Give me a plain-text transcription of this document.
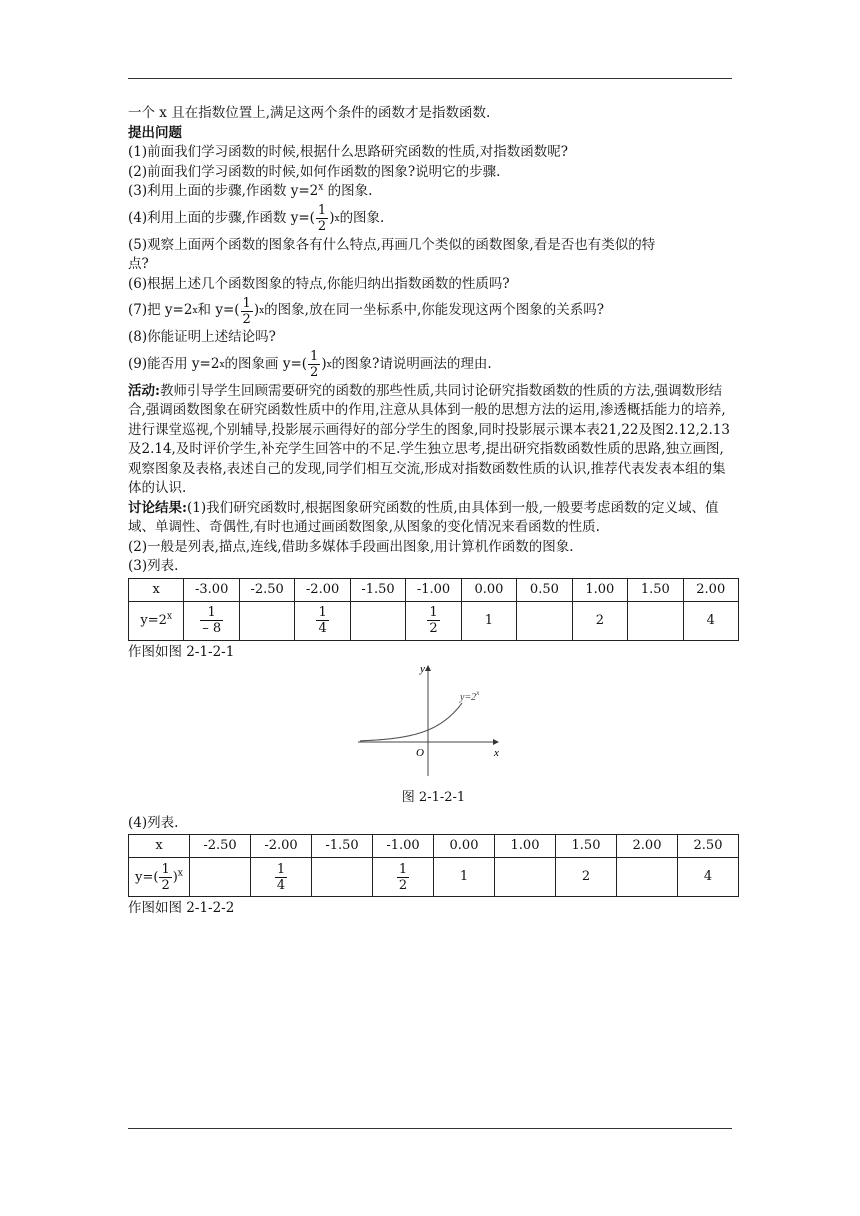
一个 x 且在指数位置上,满足这两个条件的函数才是指数函数.
提出问题
(1)前面我们学习函数的时候,根据什么思路研究函数的性质,对指数函数呢?
(2)前面我们学习函数的时候,如何作函数的图象?说明它的步骤.
(3)利用上面的步骤,作函数 $y=2^x$ 的图象.
(4)利用上面的步骤,作函数 $y=( \frac{1}{2}$ ) x 的图象.
(5)观察上面两个函数的图象各有什么特点,再画几个类似的函数图象,看是否也有类似的特
点?
(6)根据上述几个函数图象的特点,你能归纳出指数函数的性质吗?
(7)把 y=2 x 和 $y=( \frac{1}{2}$ ) x 的图象,放在同一坐标系中,你能发现这两个图象的关系吗?
(8)你能证明上述结论吗?
(9)能否用 y=2 x 的图象画 $y=( \frac{1}{2}$ ) x 的图象?请说明画法的理由.
活动:教师引导学生回顾需要研究的函数的那些性质,共同讨论研究指数函数的性质的方法,强调数形结合,强调函数图象在研究函数性质中的作用,注意从具体到一般的思想方法的运用,渗透概括能力的培养,进行课堂巡视,个别辅导,投影展示画得好的部分学生的图象,同时投影展示课本表21,22及图2.12,2.13及2.14,及时评价学生,补充学生回答中的不足.学生独立思考,提出研究指数函数性质的思路,独立画图,观察图象及表格,表述自己的发现,同学们相互交流,形成对指数函数性质的认识,推荐代表发表本组的集体的认识.
讨论结果:(1)我们研究函数时,根据图象研究函数的性质,由具体到一般,一般要考虑函数的定义域、值域、单调性、奇偶性,有时也通过画函数图象,从图象的变化情况来看函数的性质.
(2)一般是列表,描点,连线,借助多媒体手段画出图象,用计算机作函数的图象.
(3)列表.
x	-3.00	-2.50	-2.00	-1.50	-1.00	0.00	0.50	1.00	1.50	2.00
$y=2^x$	$\frac{1}{- 8}$		$\frac{1}{4}$		$\frac{1}{2}$	1		2		4
作图如图 2-1-2-1
y
x
O
$y=2^x$
图 2-1-2-1
(4)列表.
x	-2.50	-2.00	-1.50	-1.00	0.00	1.00	1.50	2.00	2.50
$y=( \frac{1}{2} )^x$		$\frac{1}{4}$		$\frac{1}{2}$	1		2		4
作图如图 2-1-2-2
